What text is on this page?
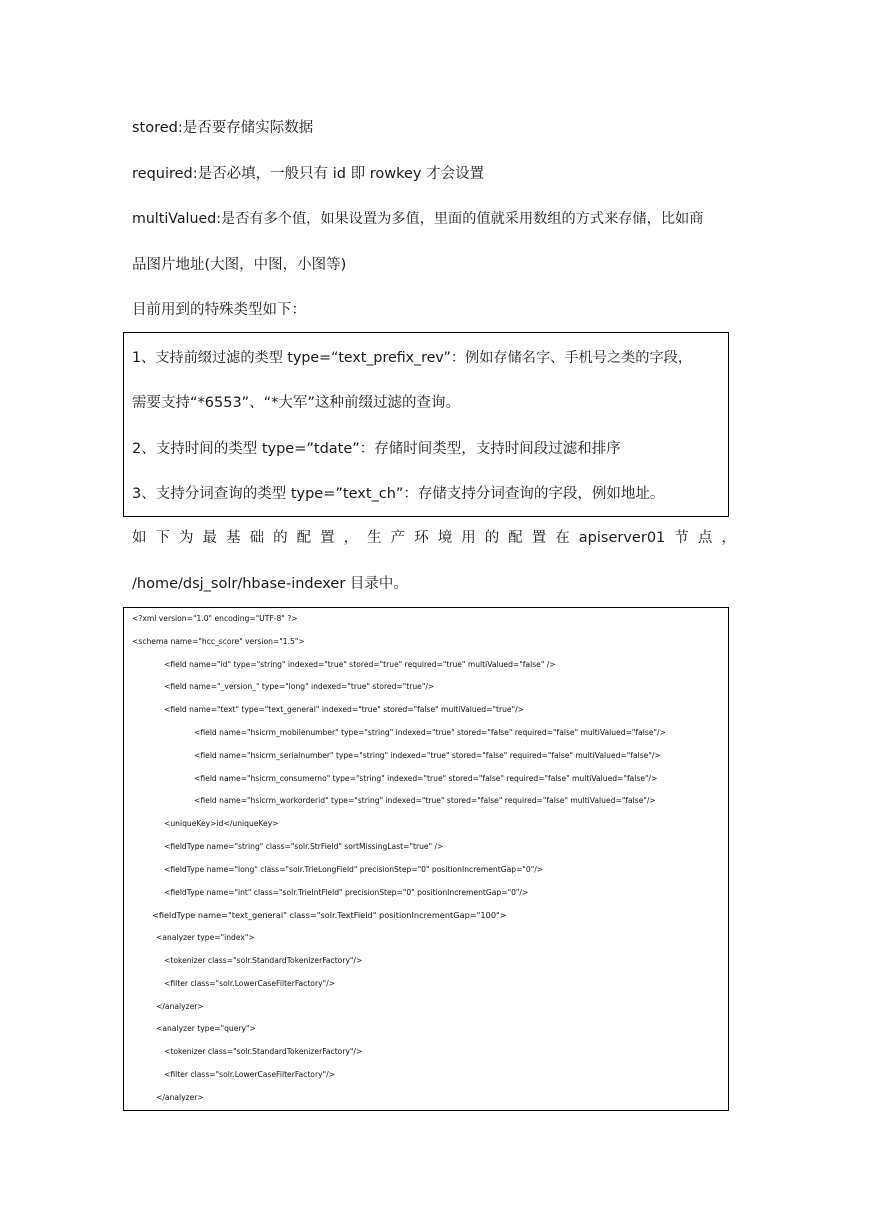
stored:是否要存储实际数据

required:是否必填，一般只有 id 即 rowkey 才会设置

multiValued:是否有多个值，如果设置为多值，里面的值就采用数组的方式来存储，比如商

品图片地址(大图，中图，小图等)

目前用到的特殊类型如下：

1、支持前缀过滤的类型 type=“text_prefix_rev”：例如存储名字、手机号之类的字段，
需要支持“*6553”、“*大军”这种前缀过滤的查询。
2、支持时间的类型 type=”tdate”：存储时间类型，支持时间段过滤和排序
3、支持分词查询的类型 type=”text_ch”：存储支持分词查询的字段，例如地址。
如 下 为 最 基 础 的 配 置 ， 生 产 环 境 用 的 配 置 在 apiserver01 节 点 ，

/home/dsj_solr/hbase-indexer 目录中。

<?xml version="1.0" encoding="UTF-8" ?>
<schema name="hcc_score" version="1.5">
<field name="id" type="string" indexed="true" stored="true" required="true" multiValued="false" />
<field name="_version_" type="long" indexed="true" stored="true"/>
<field name="text" type="text_general" indexed="true" stored="false" multiValued="true"/>
<field name="hsicrm_mobilenumber" type="string" indexed="true" stored="false" required="false" multiValued="false"/>
<field name="hsicrm_serialnumber" type="string" indexed="true" stored="false" required="false" multiValued="false"/>
<field name="hsicrm_consumerno" type="string" indexed="true" stored="false" required="false" multiValued="false"/>
<field name="hsicrm_workorderid" type="string" indexed="true" stored="false" required="false" multiValued="false"/>
<uniqueKey>id</uniqueKey>
<fieldType name="string" class="solr.StrField" sortMissingLast="true" />
<fieldType name="long" class="solr.TrieLongField" precisionStep="0" positionIncrementGap="0"/>
<fieldType name="int" class="solr.TrieIntField" precisionStep="0" positionIncrementGap="0"/>
<fieldType name="text_general" class="solr.TextField" positionIncrementGap="100">
<analyzer type="index">
<tokenizer class="solr.StandardTokenizerFactory"/>
<filter class="solr.LowerCaseFilterFactory"/>
</analyzer>
<analyzer type="query">
<tokenizer class="solr.StandardTokenizerFactory"/>
<filter class="solr.LowerCaseFilterFactory"/>
</analyzer>
